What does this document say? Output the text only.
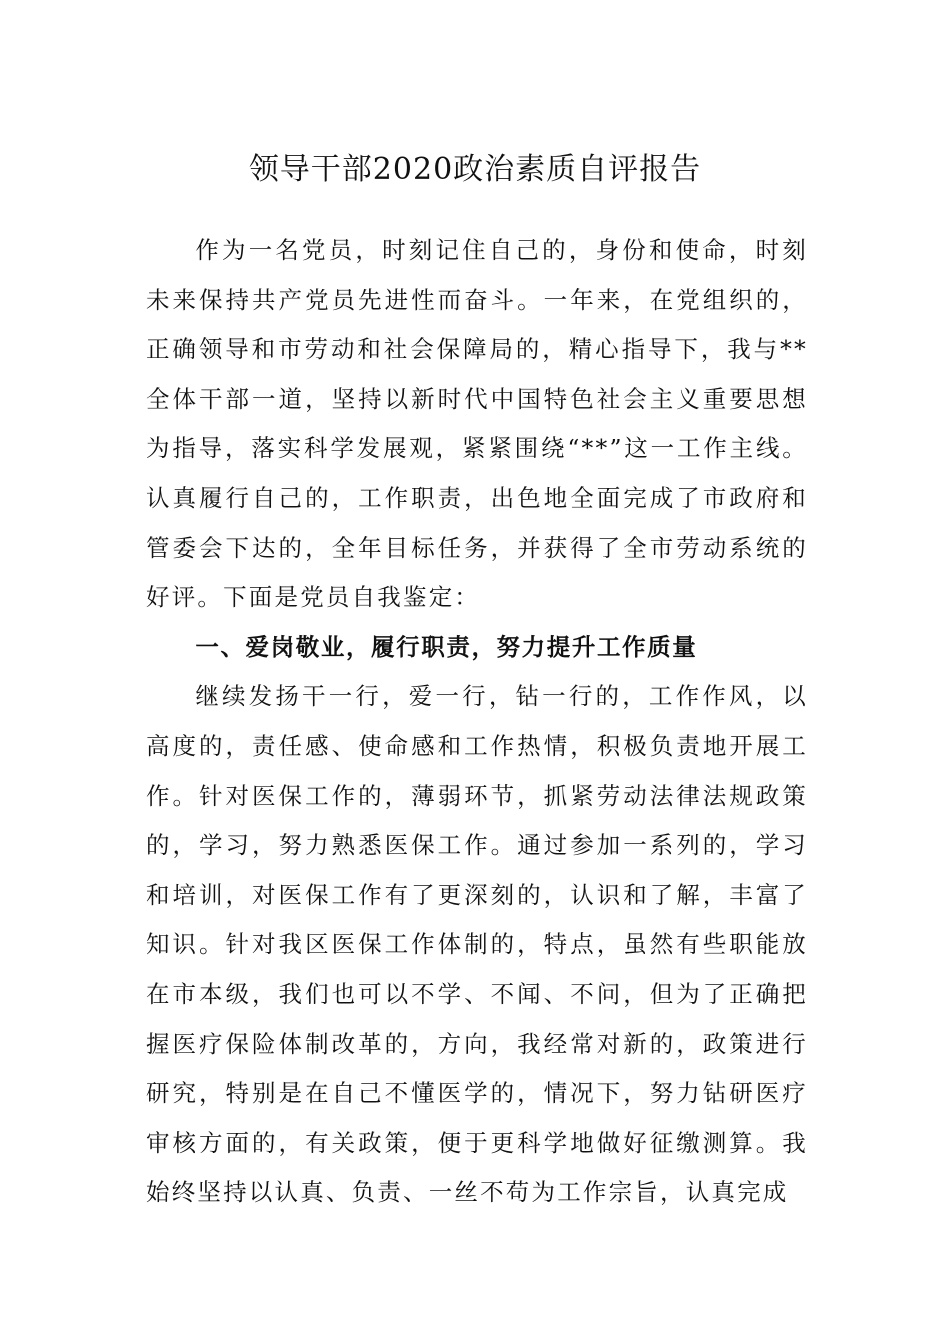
领导干部2020政治素质自评报告

作为一名党员，时刻记住自己的，身份和使命，时刻未来保持共产党员先进性而奋斗。一年来，在党组织的，正确领导和市劳动和社会保障局的，精心指导下，我与**全体干部一道，坚持以新时代中国特色社会主义重要思想为指导，落实科学发展观，紧紧围绕“**”这一工作主线。认真履行自己的，工作职责，出色地全面完成了市政府和管委会下达的，全年目标任务，并获得了全市劳动系统的好评。下面是党员自我鉴定：

一、爱岗敬业，履行职责，努力提升工作质量

继续发扬干一行，爱一行，钻一行的，工作作风，以高度的，责任感、使命感和工作热情，积极负责地开展工作。针对医保工作的，薄弱环节，抓紧劳动法律法规政策的，学习，努力熟悉医保工作。通过参加一系列的，学习和培训，对医保工作有了更深刻的，认识和了解，丰富了知识。针对我区医保工作体制的，特点，虽然有些职能放在市本级，我们也可以不学、不闻、不问，但为了正确把握医疗保险体制改革的，方向，我经常对新的，政策进行研究，特别是在自己不懂医学的，情况下，努力钻研医疗审核方面的，有关政策，便于更科学地做好征缴测算。我始终坚持以认真、负责、一丝不苟为工作宗旨，认真完成
